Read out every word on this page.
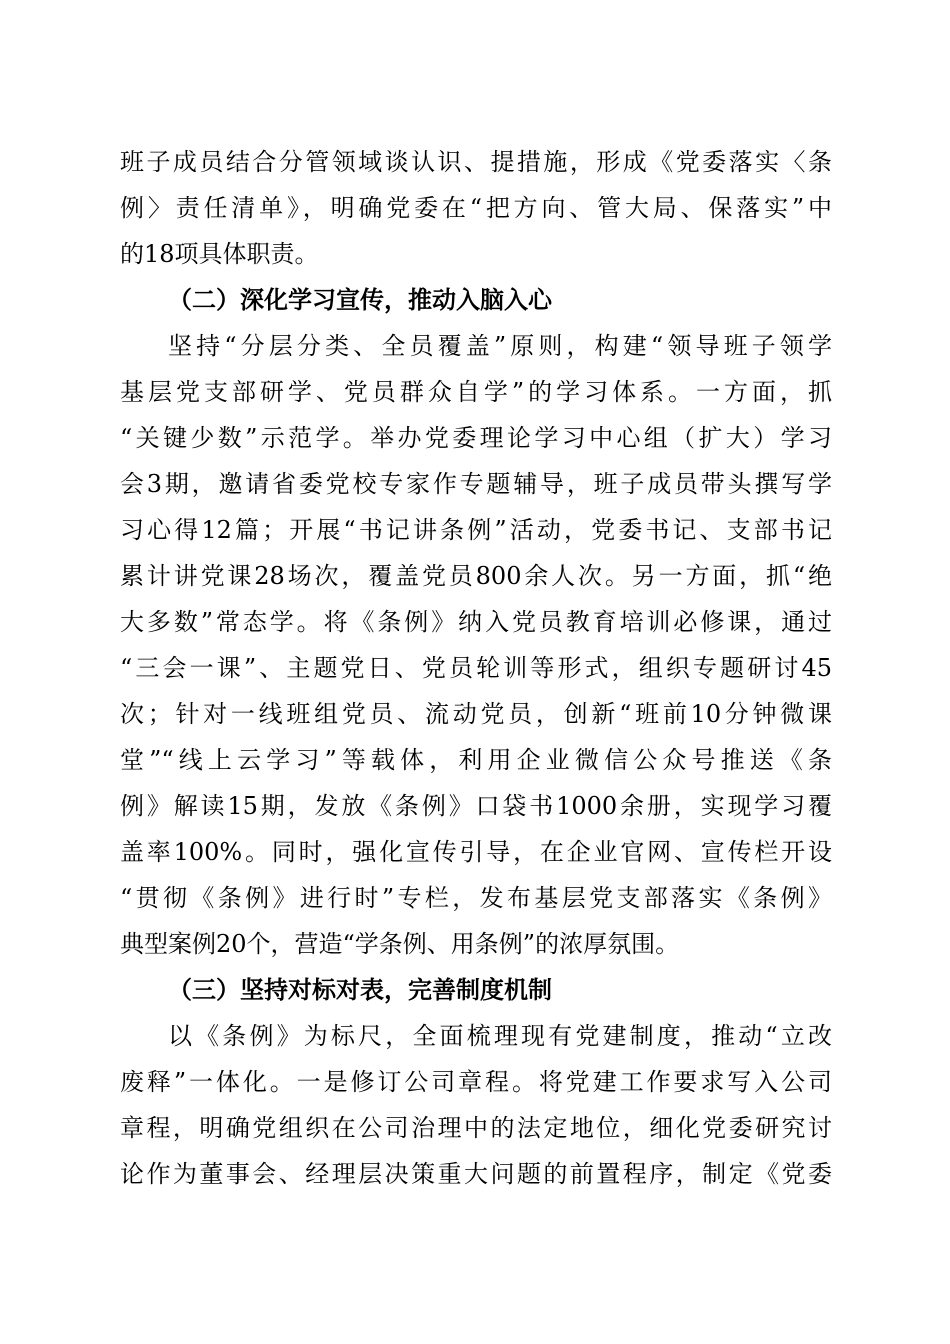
班子成员结合分管领域谈认识、提措施，形成《党委落实〈条
例〉责任清单》，明确党委在“把方向、管大局、保落实”中
的18项具体职责。
（二）深化学习宣传，推动入脑入心
坚持“分层分类、全员覆盖”原则，构建“领导班子领学
基层党支部研学、党员群众自学”的学习体系。一方面，抓
“关键少数”示范学。举办党委理论学习中心组（扩大）学习
会3期，邀请省委党校专家作专题辅导，班子成员带头撰写学
习心得12篇；开展“书记讲条例”活动，党委书记、支部书记
累计讲党课28场次，覆盖党员800余人次。另一方面，抓“绝
大多数”常态学。将《条例》纳入党员教育培训必修课，通过
“三会一课”、主题党日、党员轮训等形式，组织专题研讨45
次；针对一线班组党员、流动党员，创新“班前10分钟微课
堂”“线上云学习”等载体，利用企业微信公众号推送《条
例》解读15期，发放《条例》口袋书1000余册，实现学习覆
盖率100%。同时，强化宣传引导，在企业官网、宣传栏开设
“贯彻《条例》进行时”专栏，发布基层党支部落实《条例》
典型案例20个，营造“学条例、用条例”的浓厚氛围。
（三）坚持对标对表，完善制度机制
以《条例》为标尺，全面梳理现有党建制度，推动“立改
废释”一体化。一是修订公司章程。将党建工作要求写入公司
章程，明确党组织在公司治理中的法定地位，细化党委研究讨
论作为董事会、经理层决策重大问题的前置程序，制定《党委
